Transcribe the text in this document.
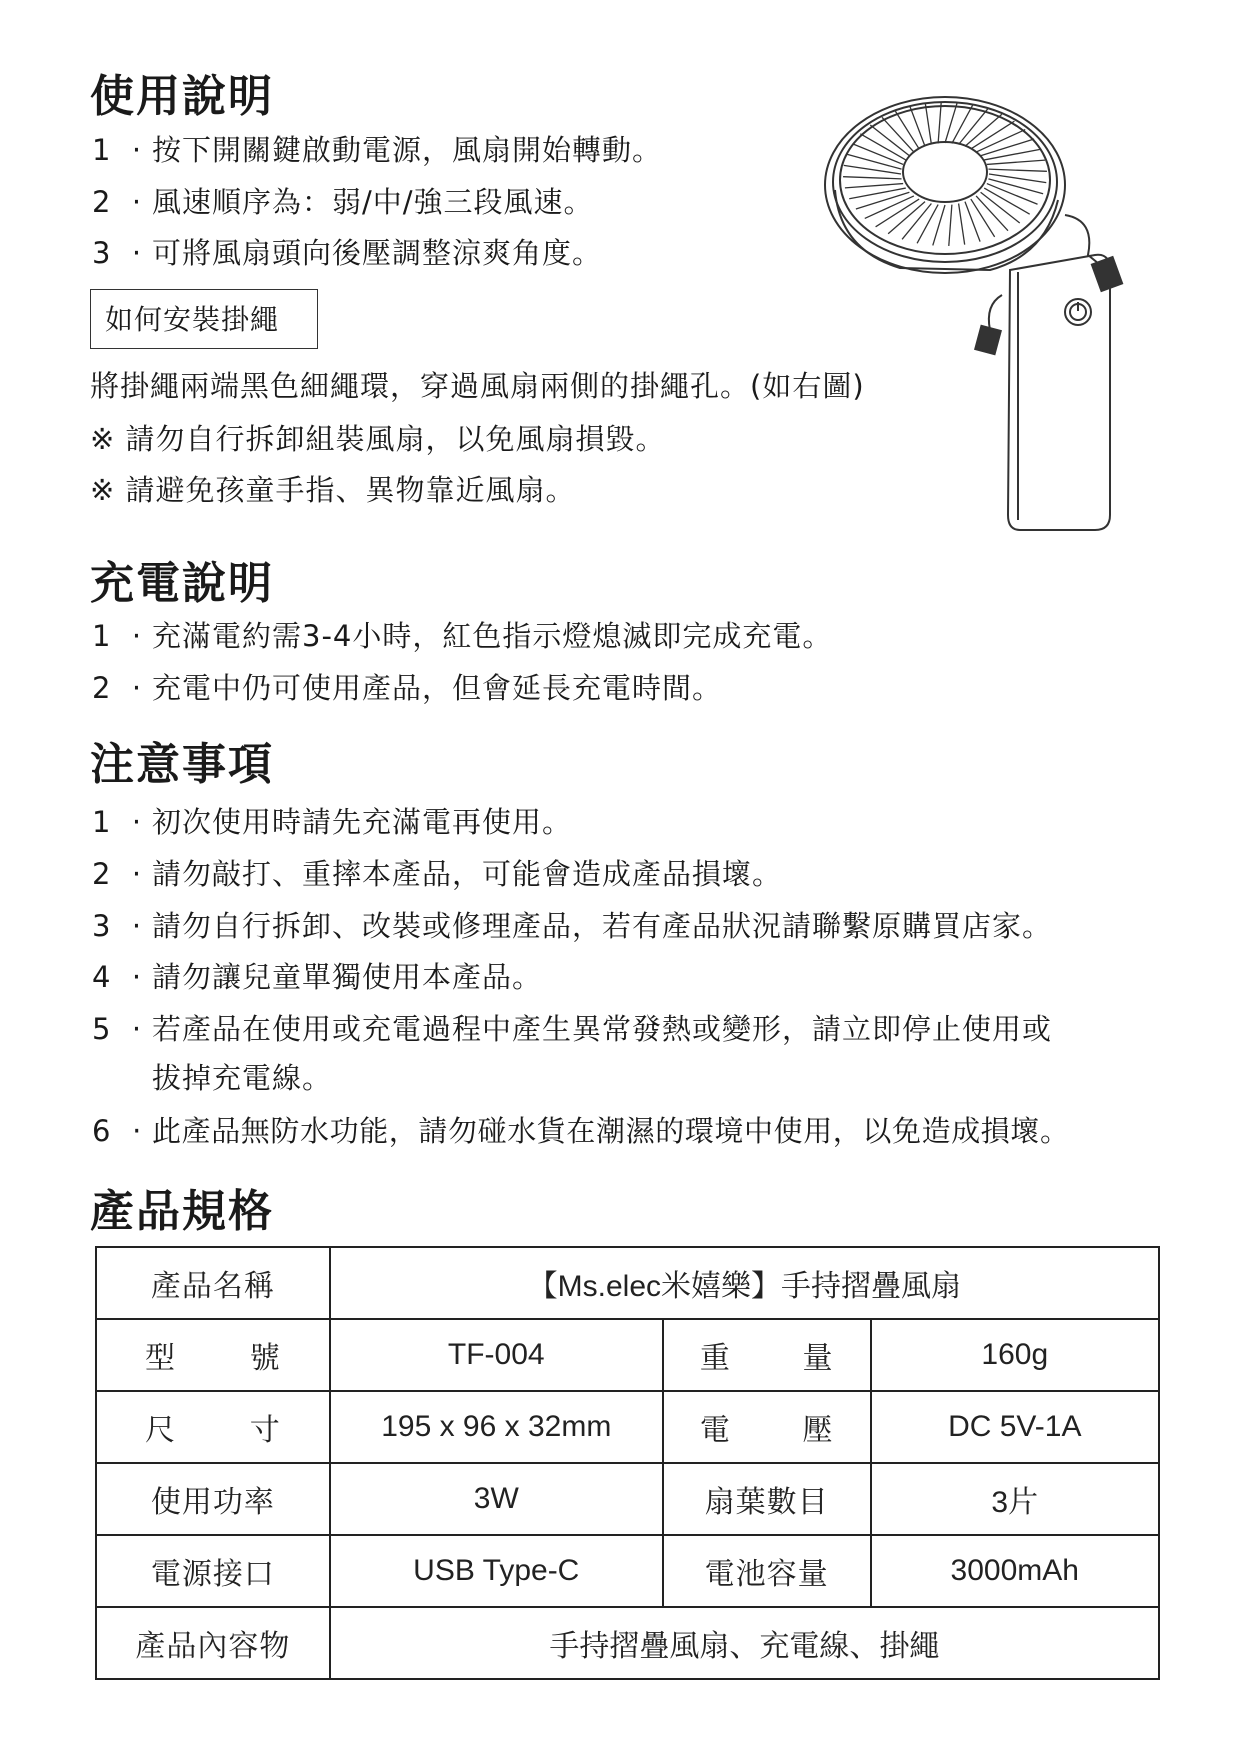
使用說明
1 · 按下開關鍵啟動電源，風扇開始轉動。
2 · 風速順序為：弱/中/強三段風速。
3 · 可將風扇頭向後壓調整涼爽角度。
如何安裝掛繩
將掛繩兩端黑色細繩環，穿過風扇兩側的掛繩孔。(如右圖)
※ 請勿自行拆卸組裝風扇，以免風扇損毀。
※ 請避免孩童手指、異物靠近風扇。
充電說明
1 · 充滿電約需3-4小時，紅色指示燈熄滅即完成充電。
2 · 充電中仍可使用產品，但會延長充電時間。
注意事項
1 · 初次使用時請先充滿電再使用。
2 · 請勿敲打、重摔本產品，可能會造成產品損壞。
3 · 請勿自行拆卸、改裝或修理產品，若有產品狀況請聯繫原購買店家。
4 · 請勿讓兒童單獨使用本產品。
5 · 若產品在使用或充電過程中產生異常發熱或變形，請立即停止使用或
拔掉充電線。
6 · 此產品無防水功能，請勿碰水貨在潮濕的環境中使用，以免造成損壞。
產品規格
產品名稱	【Ms.elec米嬉樂】手持摺疊風扇		

型 號	TF-004	重 量	160g

尺 寸	195 x 96 x 32mm	電 壓	DC 5V-1A
使用功率	3W	扇葉數目	3片
電源接口	USB Type-C	電池容量	3000mAh
產品內容物	手持摺疊風扇、充電線、掛繩		
